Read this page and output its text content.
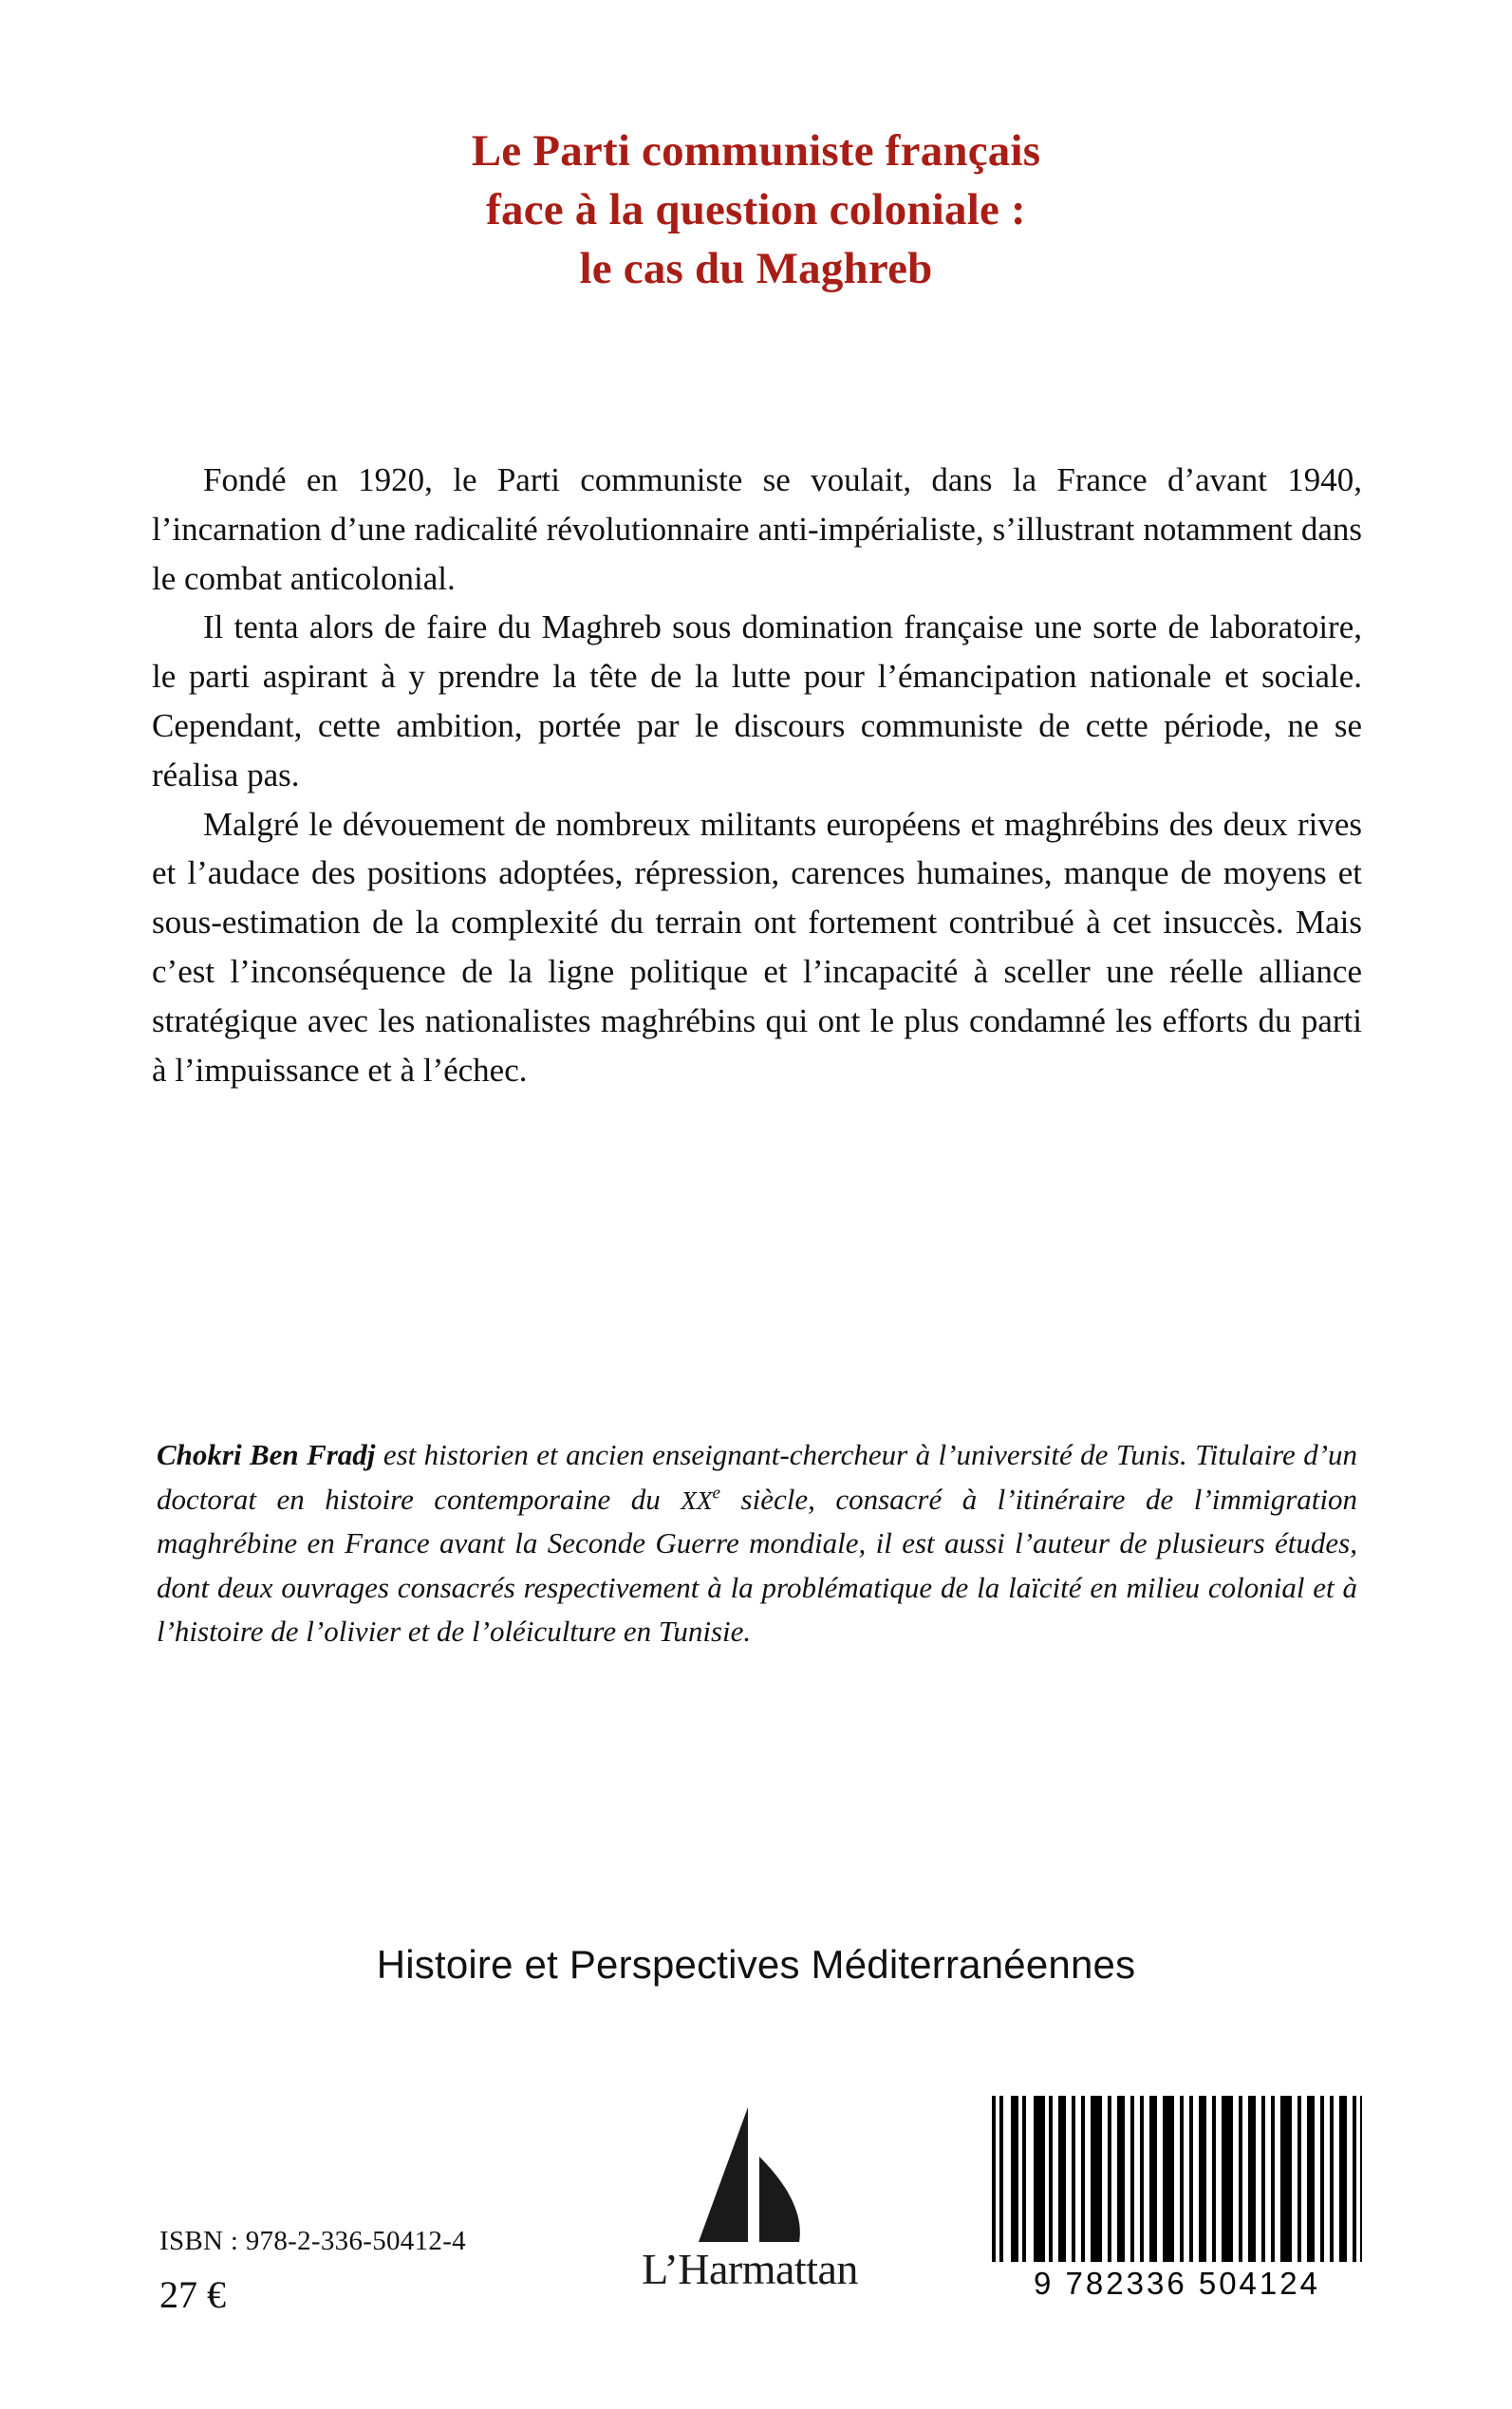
Le Parti communiste français
face à la question coloniale :
le cas du Maghreb

Fondé en 1920, le Parti communiste se voulait, dans la France d’avant 1940, l’incarnation d’une radicalité révolutionnaire anti-impérialiste, s’illustrant notamment dans le combat anticolonial.

Il tenta alors de faire du Maghreb sous domination française une sorte de laboratoire, le parti aspirant à y prendre la tête de la lutte pour l’émancipation nationale et sociale. Cependant, cette ambition, portée par le discours communiste de cette période, ne se réalisa pas.

Malgré le dévouement de nombreux militants européens et maghrébins des deux rives et l’audace des positions adoptées, répression, carences humaines, manque de moyens et sous-estimation de la complexité du terrain ont fortement contribué à cet insuccès. Mais c’est l’inconséquence de la ligne politique et l’incapacité à sceller une réelle alliance stratégique avec les nationalistes maghrébins qui ont le plus condamné les efforts du parti à l’impuissance et à l’échec.

Chokri Ben Fradj est historien et ancien enseignant-chercheur à l’université de Tunis. Titulaire d’un doctorat en histoire contemporaine du XXe siècle, consacré à l’itinéraire de l’immigration maghrébine en France avant la Seconde Guerre mondiale, il est aussi l’auteur de plusieurs études, dont deux ouvrages consacrés respectivement à la problématique de la laïcité en milieu colonial et à l’histoire de l’olivier et de l’oléiculture en Tunisie.
Histoire et Perspectives Méditerranéennes
ISBN : 978-2-336-50412-4
27 €
L’Harmattan	9 782336 504124
